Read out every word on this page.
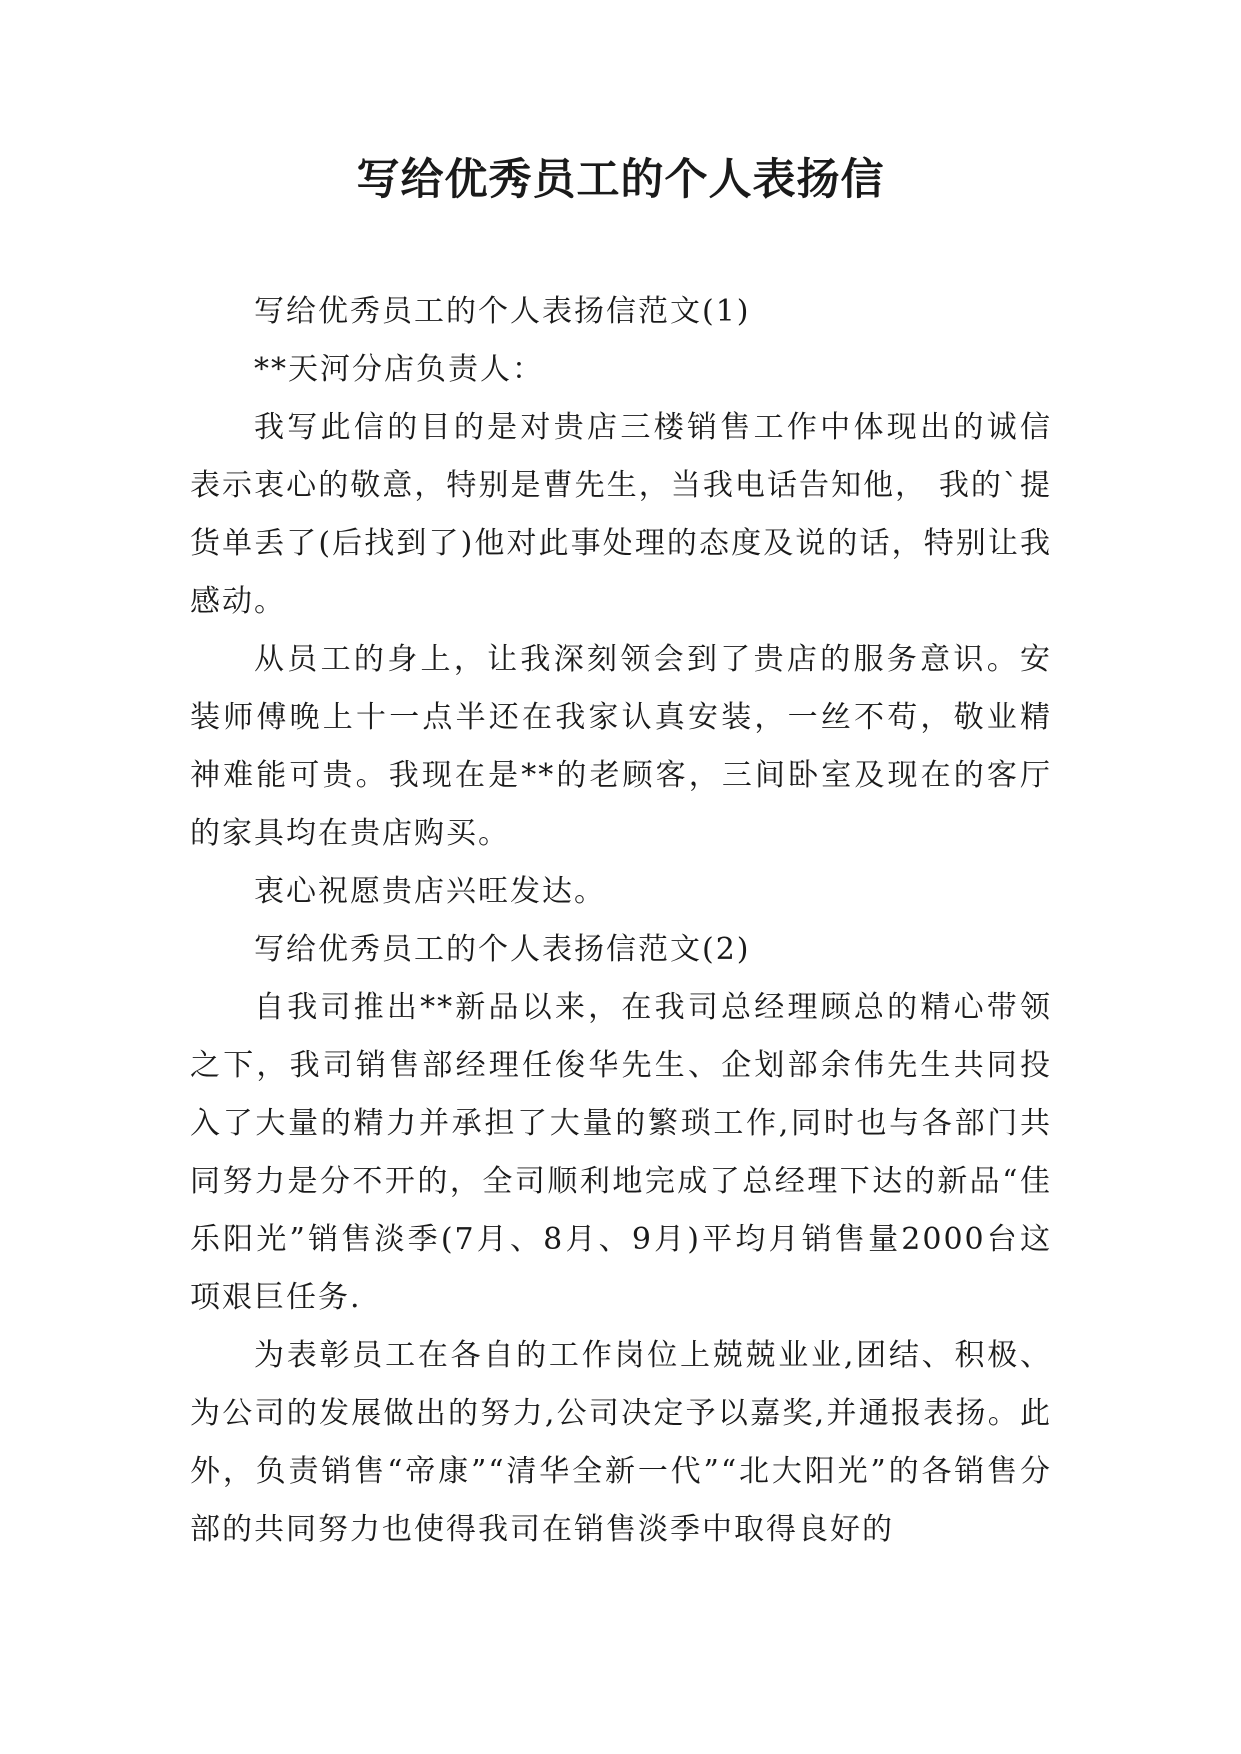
写给优秀员工的个人表扬信

写给优秀员工的个人表扬信范文(1)

**天河分店负责人：

我写此信的目的是对贵店三楼销售工作中体现出的诚信表示衷心的敬意，特别是曹先生，当我电话告知他， 我的`提货单丢了(后找到了)他对此事处理的态度及说的话，特别让我感动。

从员工的身上，让我深刻领会到了贵店的服务意识。安装师傅晚上十一点半还在我家认真安装，一丝不苟，敬业精神难能可贵。我现在是**的老顾客，三间卧室及现在的客厅的家具均在贵店购买。

衷心祝愿贵店兴旺发达。

写给优秀员工的个人表扬信范文(2)

自我司推出**新品以来，在我司总经理顾总的精心带领之下，我司销售部经理任俊华先生、企划部余伟先生共同投入了大量的精力并承担了大量的繁琐工作,同时也与各部门共同努力是分不开的，全司顺利地完成了总经理下达的新品“佳乐阳光”销售淡季(7月、8月、9月)平均月销售量2000台这项艰巨任务.

为表彰员工在各自的工作岗位上兢兢业业,团结、积极、为公司的发展做出的努力,公司决定予以嘉奖,并通报表扬。此外，负责销售“帝康”“清华全新一代”“北大阳光”的各销售分部的共同努力也使得我司在销售淡季中取得良好的
